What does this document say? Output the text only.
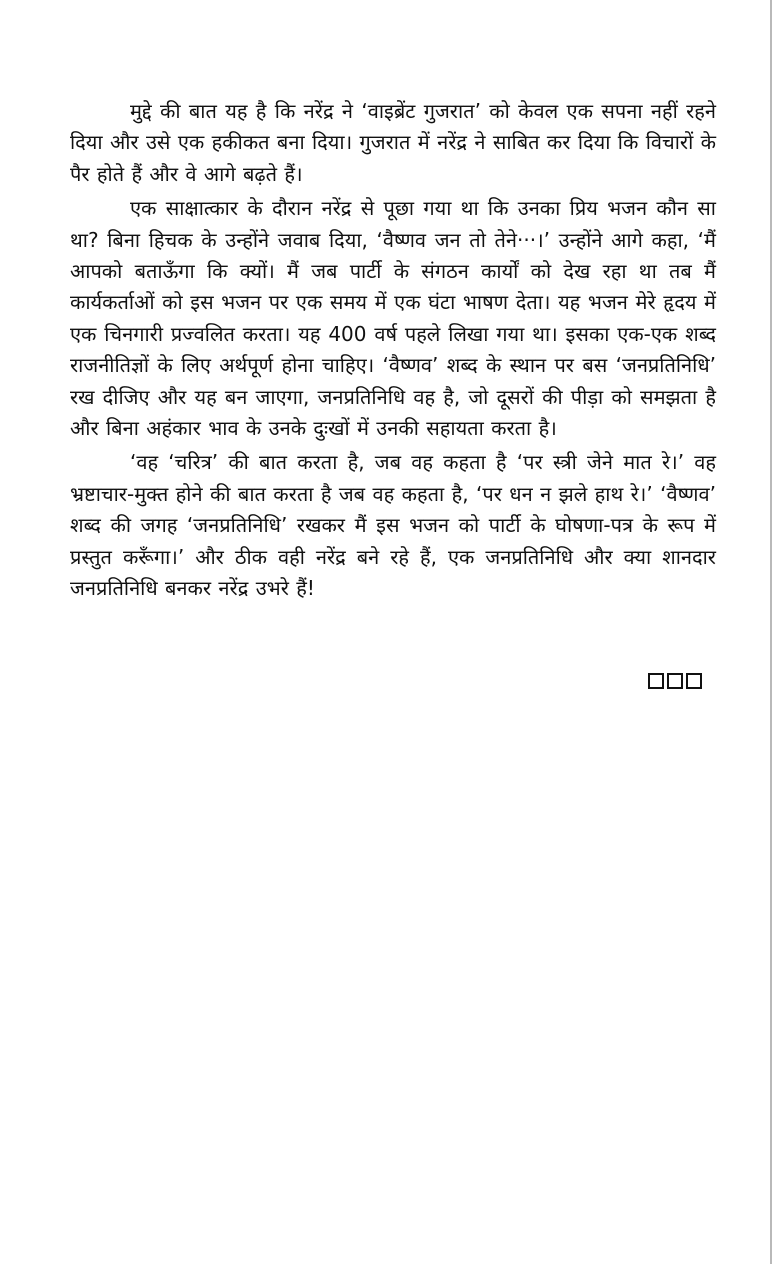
मुद्दे की बात यह है कि नरेंद्र ने ‘वाइब्रेंट गुजरात’ को केवल एक सपना नहीं रहने दिया और उसे एक हकीकत बना दिया। गुजरात में नरेंद्र ने साबित कर दिया कि विचारों के पैर होते हैं और वे आगे बढ़ते हैं।

एक साक्षात्कार के दौरान नरेंद्र से पूछा गया था कि उनका प्रिय भजन कौन सा था? बिना हिचक के उन्होंने जवाब दिया, ‘वैष्णव जन तो तेने···।’ उन्होंने आगे कहा, ‘मैं आपको बताऊँगा कि क्यों। मैं जब पार्टी के संगठन कार्यों को देख रहा था तब मैं कार्यकर्ताओं को इस भजन पर एक समय में एक घंटा भाषण देता। यह भजन मेरे हृदय में एक चिनगारी प्रज्वलित करता। यह 400 वर्ष पहले लिखा गया था। इसका एक-एक शब्द राजनीतिज्ञों के लिए अर्थपूर्ण होना चाहिए। ‘वैष्णव’ शब्द के स्थान पर बस ‘जनप्रतिनिधि’ रख दीजिए और यह बन जाएगा, जनप्रतिनिधि वह है, जो दूसरों की पीड़ा को समझता है और बिना अहंकार भाव के उनके दुःखों में उनकी सहायता करता है।

‘वह ‘चरित्र’ की बात करता है, जब वह कहता है ‘पर स्त्री जेने मात रे।’ वह भ्रष्टाचार-मुक्त होने की बात करता है जब वह कहता है, ‘पर धन न झले हाथ रे।’ ‘वैष्णव’ शब्द की जगह ‘जनप्रतिनिधि’ रखकर मैं इस भजन को पार्टी के घोषणा-पत्र के रूप में प्रस्तुत करूँगा।’ और ठीक वही नरेंद्र बने रहे हैं, एक जनप्रतिनिधि और क्या शानदार जनप्रतिनिधि बनकर नरेंद्र उभरे हैं!
